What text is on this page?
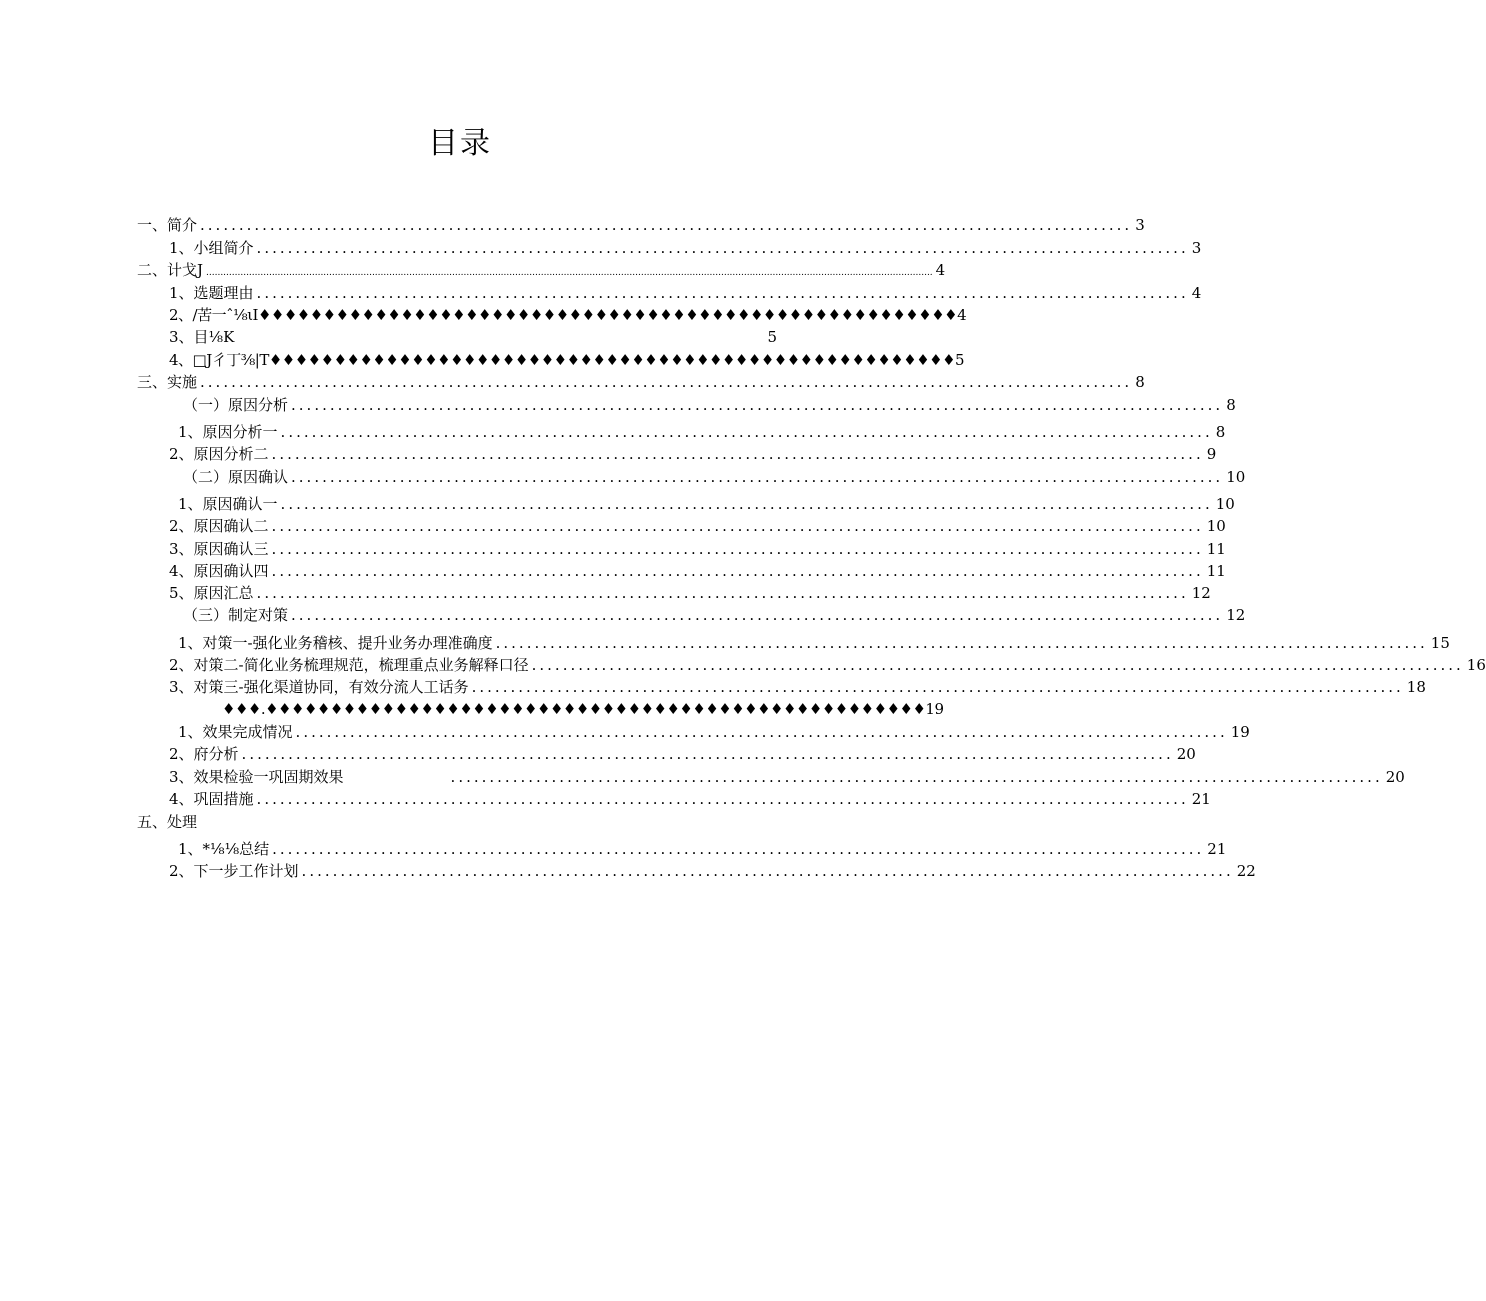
目录
一、简介 ........................................................................................................................ 3
1、小组简介 ........................................................................................................................ 3
二、计戈J .............................................................................................................................................................................................................................................................. 4
1、选题理由 ........................................................................................................................ 4
2、/苦一ˆ⅛ιI♦♦♦♦♦♦♦♦♦♦♦♦♦♦♦♦♦♦♦♦♦♦♦♦♦♦♦♦♦♦♦♦♦♦♦♦♦♦♦♦♦♦♦♦♦♦♦♦♦♦♦♦♦♦4
3、目⅛K	5
4、□J彳丁⅜|T♦♦♦♦♦♦♦♦♦♦♦♦♦♦♦♦♦♦♦♦♦♦♦♦♦♦♦♦♦♦♦♦♦♦♦♦♦♦♦♦♦♦♦♦♦♦♦♦♦♦♦♦♦5
三、实施 ........................................................................................................................ 8
（一）原因分析 ........................................................................................................................ 8
1、原因分析一 ........................................................................................................................ 8
2、原因分析二 ........................................................................................................................ 9
（二）原因确认 ........................................................................................................................ 10
1、原因确认一 ........................................................................................................................ 10
2、原因确认二 ........................................................................................................................ 10
3、原因确认三 ........................................................................................................................ 11
4、原因确认四 ........................................................................................................................ 11
5、原因汇总 ........................................................................................................................ 12
（三）制定对策 ........................................................................................................................ 12
1、对策一-强化业务稽核、提升业务办理准确度 ........................................................................................................................ 15
2、对策二-简化业务梳理规范，梳理重点业务解释口径 ........................................................................................................................ 16
3、对策三-强化渠道协同，有效分流人工话务 ........................................................................................................................ 18
♦♦♦.♦♦♦♦♦♦♦♦♦♦♦♦♦♦♦♦♦♦♦♦♦♦♦♦♦♦♦♦♦♦♦♦♦♦♦♦♦♦♦♦♦♦♦♦♦♦♦♦♦♦♦19
1、效果完成情况 ........................................................................................................................ 19
2、府分析 ........................................................................................................................ 20
3、效果检验一巩固期效果	........................................................................................................................ 20
4、巩固措施 ........................................................................................................................ 21
五、处理
1、*⅛⅛总结 ........................................................................................................................ 21
2、下一步工作计划 ........................................................................................................................ 22
